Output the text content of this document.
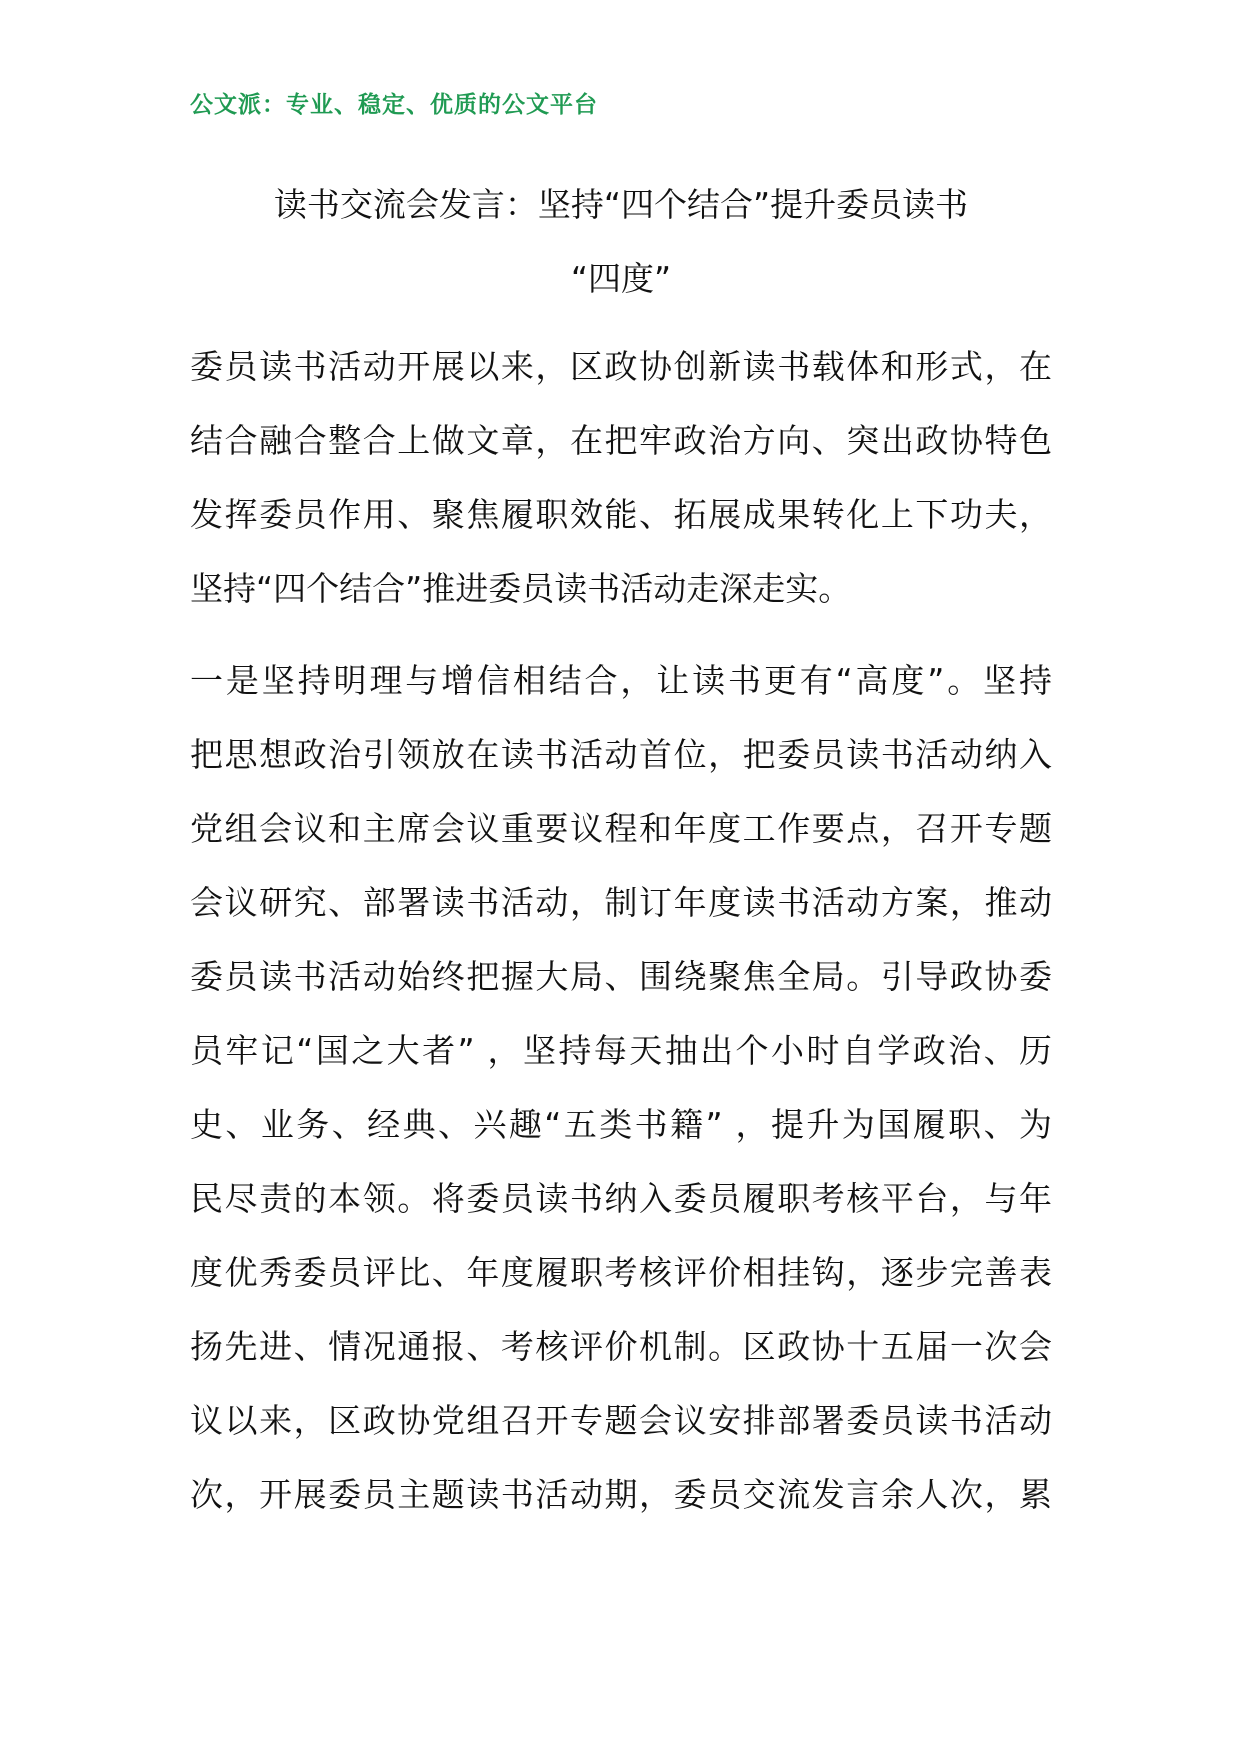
公文派：专业、稳定、优质的公文平台
读书交流会发言：坚持“四个结合”提升委员读书
“四度”

委员读书活动开展以来，区政协创新读书载体和形式，在
结合融合整合上做文章，在把牢政治方向、突出政协特色
发挥委员作用、聚焦履职效能、拓展成果转化上下功夫，
坚持“四个结合”推进委员读书活动走深走实。

一是坚持明理与增信相结合，让读书更有“高度”。坚持
把思想政治引领放在读书活动首位，把委员读书活动纳入
党组会议和主席会议重要议程和年度工作要点，召开专题
会议研究、部署读书活动，制订年度读书活动方案，推动
委员读书活动始终把握大局、围绕聚焦全局。引导政协委
员牢记“国之大者” ，坚持每天抽出个小时自学政治、历
史、业务、经典、兴趣“五类书籍” ，提升为国履职、为
民尽责的本领。将委员读书纳入委员履职考核平台，与年
度优秀委员评比、年度履职考核评价相挂钩，逐步完善表
扬先进、情况通报、考核评价机制。区政协十五届一次会
议以来，区政协党组召开专题会议安排部署委员读书活动
次，开展委员主题读书活动期，委员交流发言余人次，累
